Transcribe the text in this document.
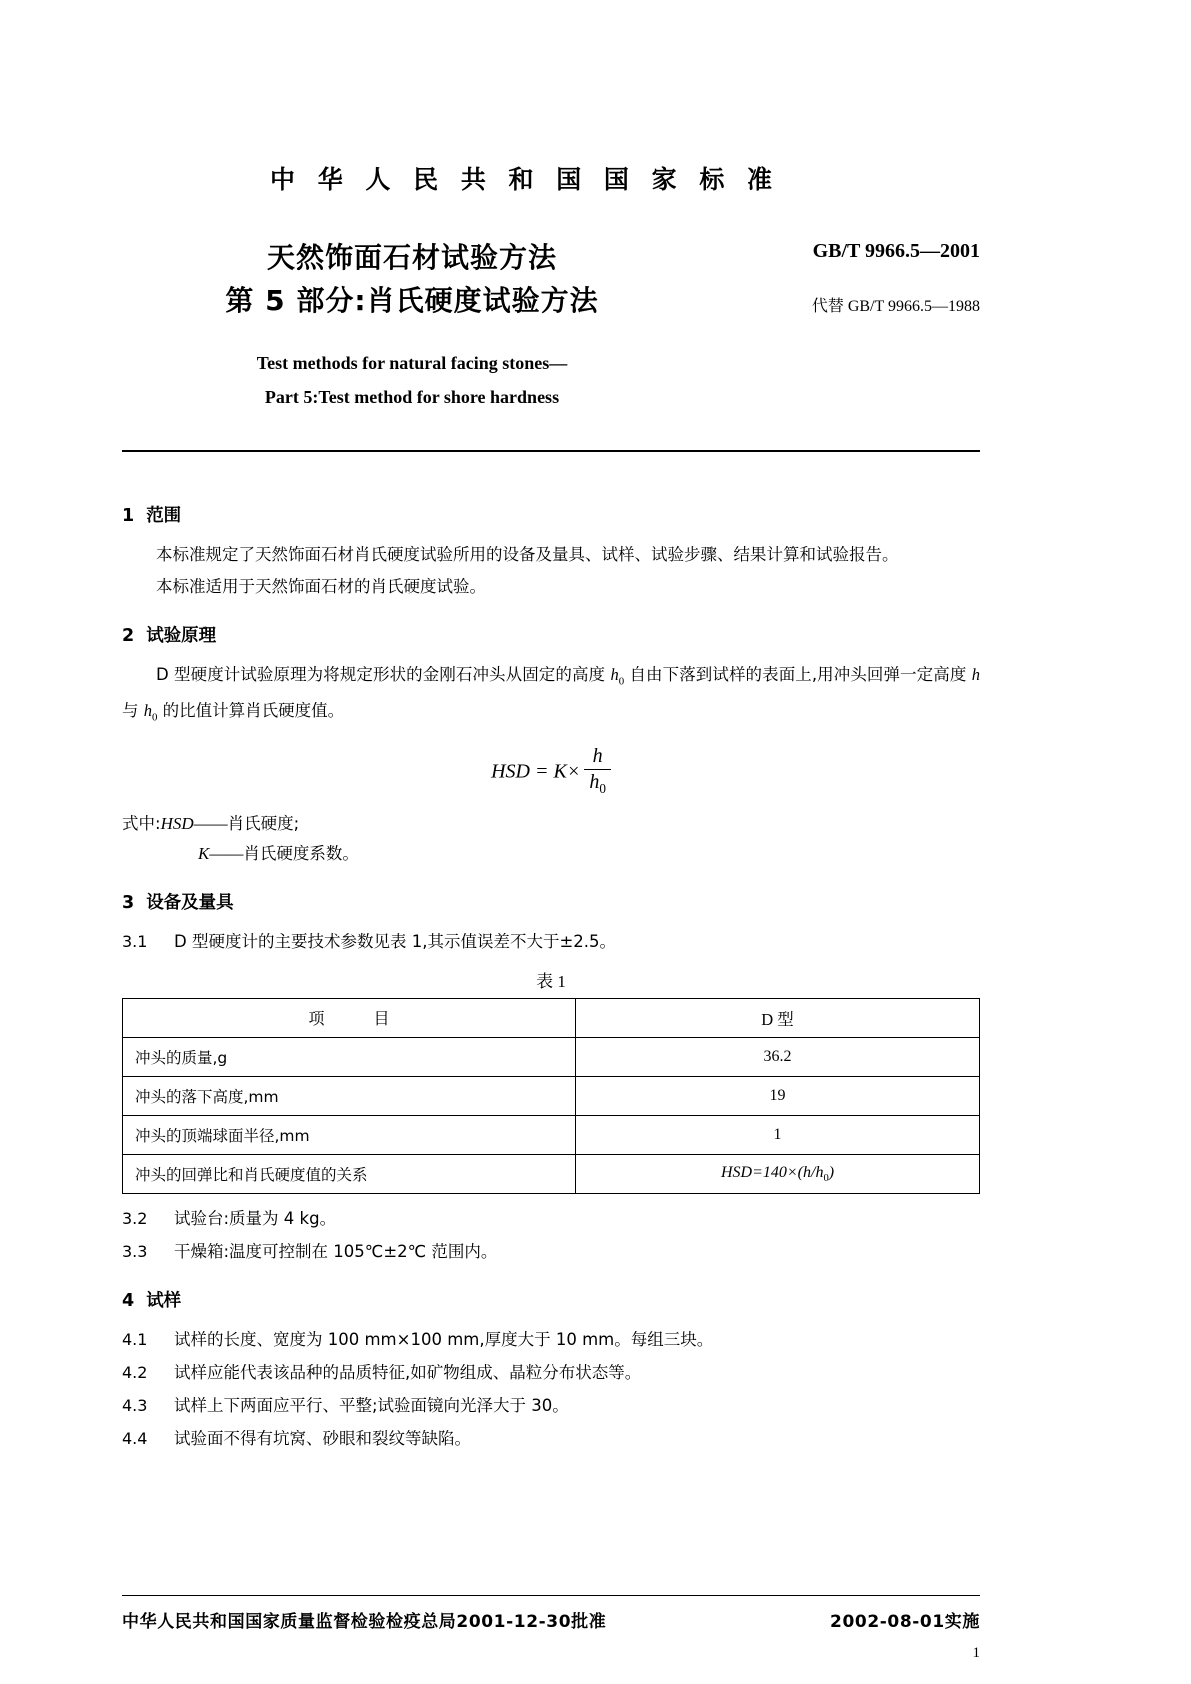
中 华 人 民 共 和 国 国 家 标 准
天然饰面石材试验方法
第 5 部分:肖氏硬度试验方法
GB/T 9966.5—2001
代替 GB/T 9966.5—1988
Test methods for natural facing stones—
Part 5:Test method for shore hardness
1 范围

本标准规定了天然饰面石材肖氏硬度试验所用的设备及量具、试样、试验步骤、结果计算和试验报告。

本标准适用于天然饰面石材的肖氏硬度试验。

2 试验原理

D 型硬度计试验原理为将规定形状的金刚石冲头从固定的高度 $h_0$ 自由下落到试样的表面上,用冲头回弹一定高度 h 与 $h_0$ 的比值计算肖氏硬度值。

HSD = $K\times \frac{h}{h_0}$
式中:HSD——肖氏硬度;
K——肖氏硬度系数。
3 设备及量具
3.1	D 型硬度计的主要技术参数见表 1,其示值误差不大于±2.5。
表 1
项 目	D 型
冲头的质量,g	36.2
冲头的落下高度,mm	19
冲头的顶端球面半径,mm	1
冲头的回弹比和肖氏硬度值的关系	$HSD=140\times(h/h_0)$
3.2	试验台:质量为 4 kg。
3.3	干燥箱:温度可控制在 105℃±2℃ 范围内。
4 试样
4.1	试样的长度、宽度为 100 mm×100 mm,厚度大于 10 mm。每组三块。
4.2	试样应能代表该品种的品质特征,如矿物组成、晶粒分布状态等。
4.3	试样上下两面应平行、平整;试验面镜向光泽大于 30。
4.4	试验面不得有坑窝、砂眼和裂纹等缺陷。
中华人民共和国国家质量监督检验检疫总局2001-12-30批准	2002-08-01实施
1
